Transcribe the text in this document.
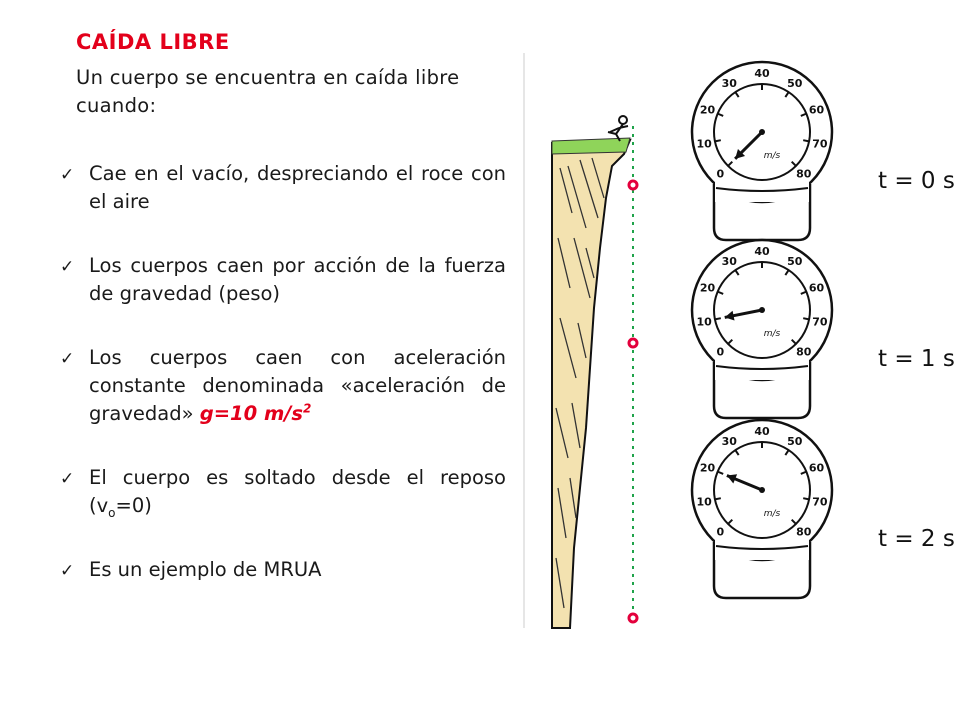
CAÍDA LIBRE
Un cuerpo se encuentra en caída libre cuando:
✓ Cae en el vacío, despreciando el roce con el aire
✓ Los cuerpos caen por acción de la fuerza de gravedad (peso)
✓ Los cuerpos caen con aceleración constante denominada «aceleración de gravedad» g=10 $m/s^2$
✓ El cuerpo es soltado desde el reposo $(v_o=0)$
✓ Es un ejemplo de MRUA
0
10
20
30
40
50
60
70
80
m/s
t = 0 s
0
10
20
30
40
50
60
70
80
m/s
t = 1 s
0
10
20
30
40
50
60
70
80
m/s
t = 2 s
